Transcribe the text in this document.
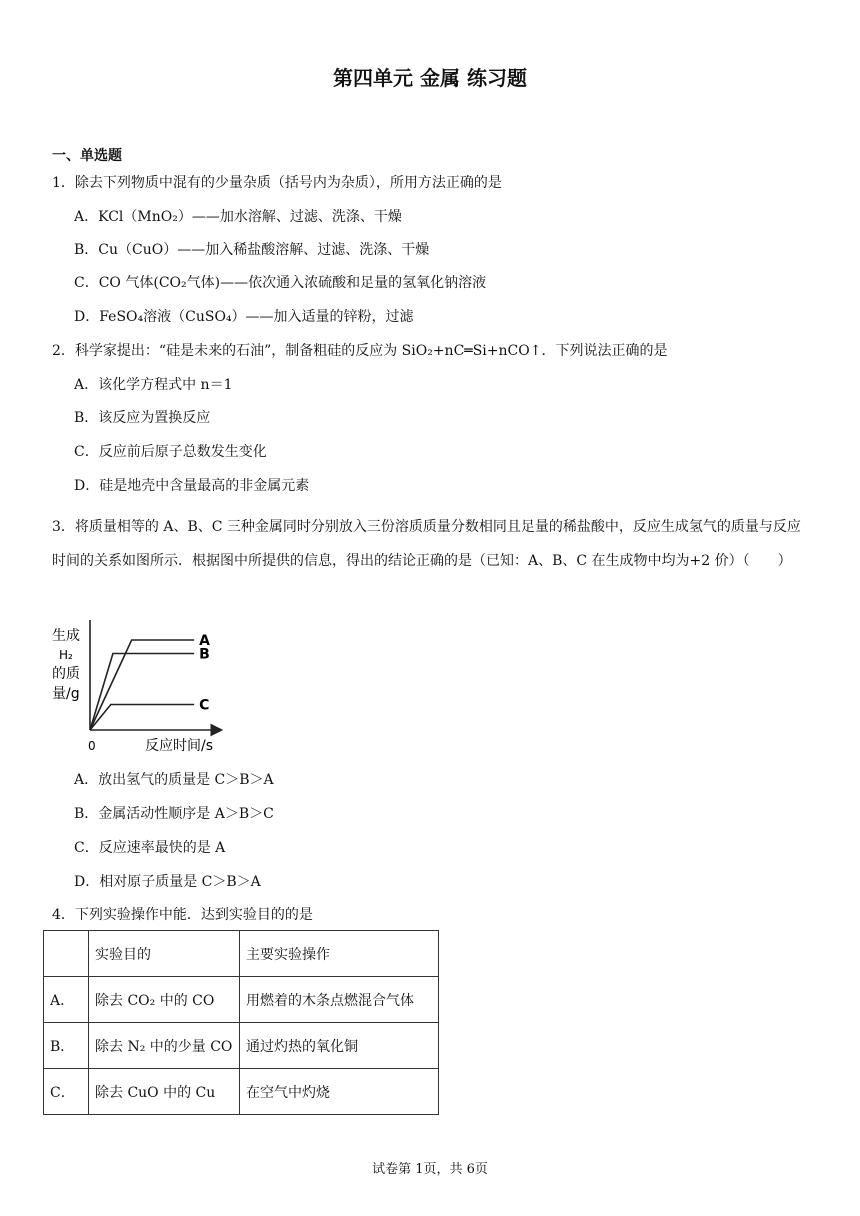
第四单元 金属 练习题
一、单选题
1．除去下列物质中混有的少量杂质（括号内为杂质），所用方法正确的是
A．KCl（MnO₂）——加水溶解、过滤、洗涤、干燥
B．Cu（CuO）——加入稀盐酸溶解、过滤、洗涤、干燥
C．CO 气体(CO₂气体)——依次通入浓硫酸和足量的氢氧化钠溶液
D．FeSO₄溶液（CuSO₄）——加入适量的锌粉，过滤
2．科学家提出：“硅是未来的石油”，制备粗硅的反应为 SiO₂+nC═Si+nCO↑．下列说法正确的是
A．该化学方程式中 n＝1
B．该反应为置换反应
C．反应前后原子总数发生变化
D．硅是地壳中含量最高的非金属元素
3．将质量相等的 A、B、C 三种金属同时分别放入三份溶质质量分数相同且足量的稀盐酸中，反应生成氢气的质量与反应时间的关系如图所示．根据图中所提供的信息，得出的结论正确的是（已知：A、B、C 在生成物中均为+2 价）（　　）
生成
H₂
的质
量/g
0	反应时间/s
A
B
C
A．放出氢气的质量是 C＞B＞A
B．金属活动性顺序是 A＞B＞C
C．反应速率最快的是 A
D．相对原子质量是 C＞B＞A
4．下列实验操作中能．达到实验目的的是
	实验目的	主要实验操作
A．	除去 CO₂ 中的 CO	用燃着的木条点燃混合气体
B．	除去 N₂ 中的少量 CO	通过灼热的氧化铜
C．	除去 CuO 中的 Cu	在空气中灼烧
试卷第 1页，共 6页
